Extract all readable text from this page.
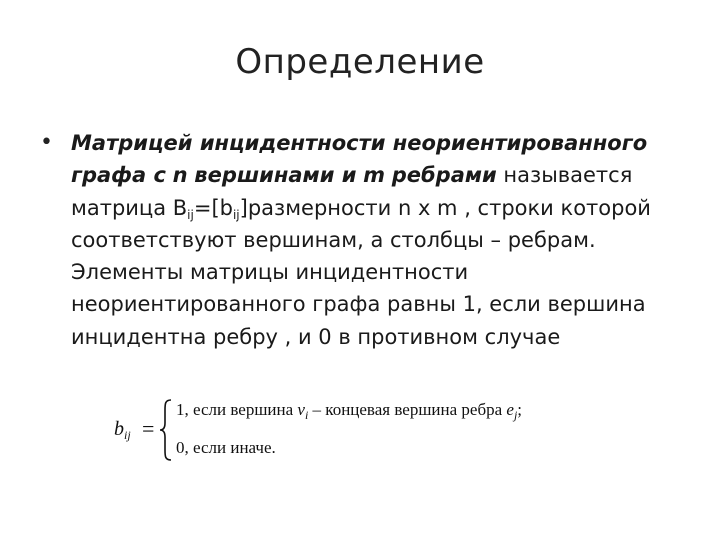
Определение
• Матрицей инцидентности неориентированного графа с n вершинами и m ребрами называется матрица $B_{ij}=[b_{ij}]размерности$ n x m , строки которой соответствуют вершинам, а столбцы – ребрам. Элементы матрицы инцидентности неориентированного графа равны 1, если вершина инцидентна ребру , и 0 в противном случае
$b_{ij}$ =
1, если вершина $v_i$ – концевая вершина ребра $e_j$;
0, если иначе.
